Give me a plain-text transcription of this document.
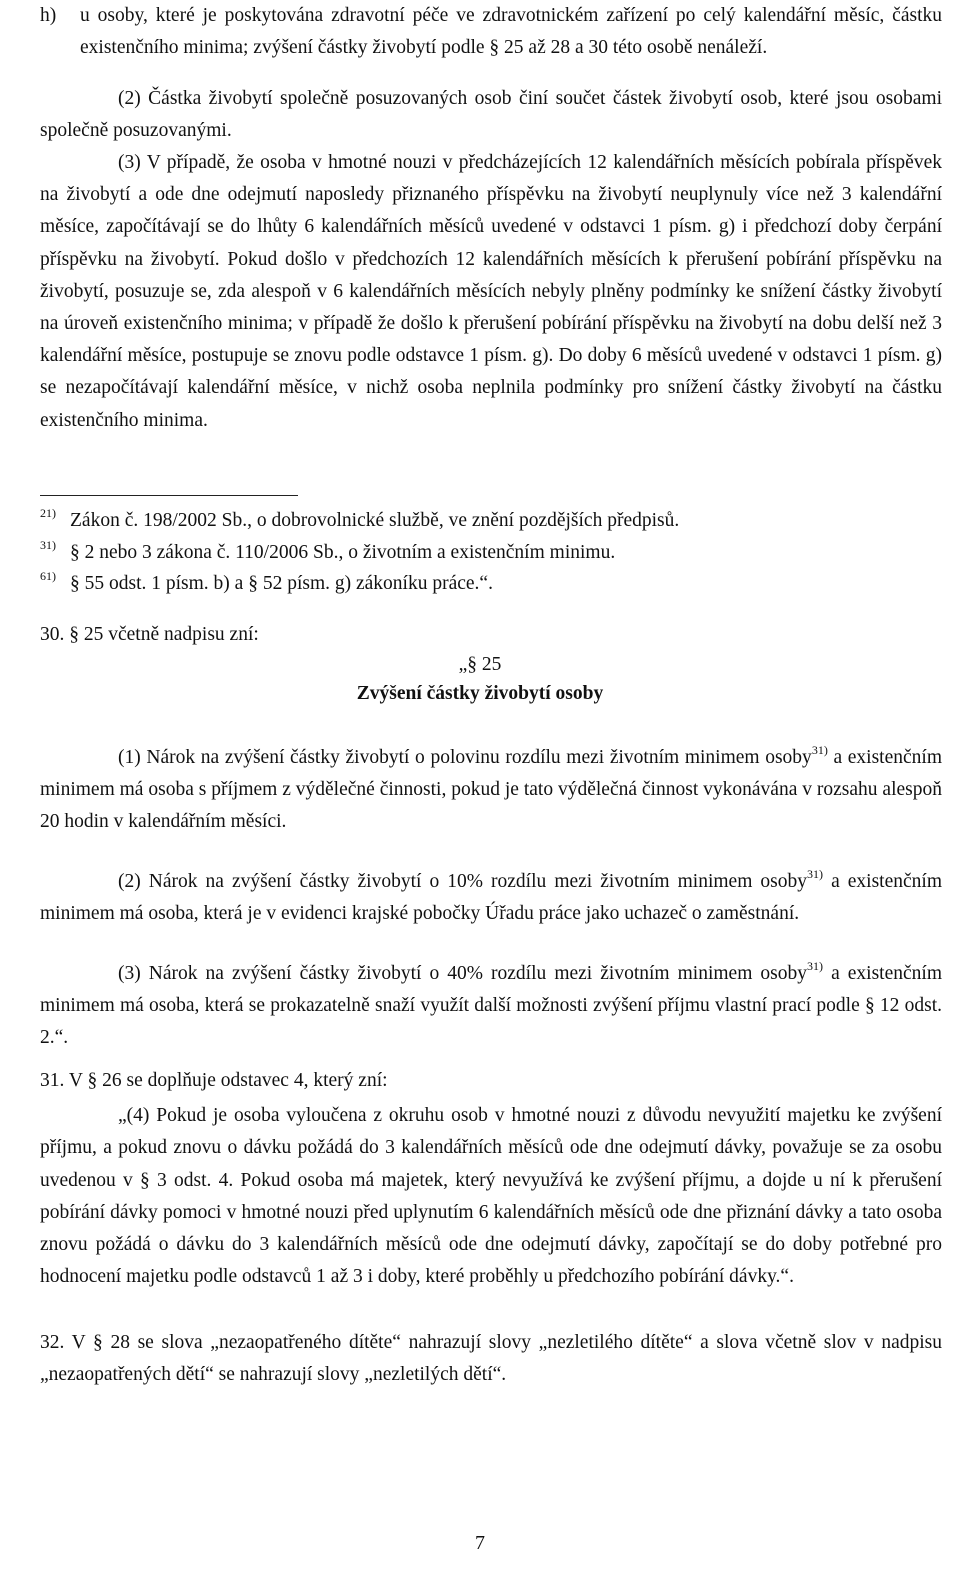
h) u osoby, které je poskytována zdravotní péče ve zdravotnickém zařízení po celý kalendářní měsíc, částku existenčního minima; zvýšení částky živobytí podle § 25 až 28 a 30 této osobě nenáleží.
(2) Částka živobytí společně posuzovaných osob činí součet částek živobytí osob, které jsou osobami společně posuzovanými.
(3) V případě, že osoba v hmotné nouzi v předcházejících 12 kalendářních měsících pobírala příspěvek na živobytí a ode dne odejmutí naposledy přiznaného příspěvku na živobytí neuplynuly více než 3 kalendářní měsíce, započítávají se do lhůty 6 kalendářních měsíců uvedené v odstavci 1 písm. g) i předchozí doby čerpání příspěvku na živobytí. Pokud došlo v předchozích 12 kalendářních měsících k přerušení pobírání příspěvku na živobytí, posuzuje se, zda alespoň v 6 kalendářních měsících nebyly plněny podmínky ke snížení částky živobytí na úroveň existenčního minima; v případě že došlo k přerušení pobírání příspěvku na živobytí na dobu delší než 3 kalendářní měsíce, postupuje se znovu podle odstavce 1 písm. g). Do doby 6 měsíců uvedené v odstavci 1 písm. g) se nezapočítávají kalendářní měsíce, v nichž osoba neplnila podmínky pro snížení částky živobytí na částku existenčního minima.
$^{21)}$ Zákon č. 198/2002 Sb., o dobrovolnické službě, ve znění pozdějších předpisů.
$^{31)}$ § 2 nebo 3 zákona č. 110/2006 Sb., o životním a existenčním minimu.
$^{61)}$ § 55 odst. 1 písm. b) a § 52 písm. g) zákoníku práce.“.
30. § 25 včetně nadpisu zní:
„§ 25
Zvýšení částky živobytí osoby
(1) Nárok na zvýšení částky živobytí o polovinu rozdílu mezi životním minimem osoby$^{31)}$ a existenčním minimem má osoba s příjmem z výdělečné činnosti, pokud je tato výdělečná činnost vykonávána v rozsahu alespoň 20 hodin v kalendářním měsíci.
(2) Nárok na zvýšení částky živobytí o 10% rozdílu mezi životním minimem osoby$^{31)}$ a existenčním minimem má osoba, která je v evidenci krajské pobočky Úřadu práce jako uchazeč o zaměstnání.
(3) Nárok na zvýšení částky živobytí o 40% rozdílu mezi životním minimem osoby$^{31)}$ a existenčním minimem má osoba, která se prokazatelně snaží využít další možnosti zvýšení příjmu vlastní prací podle § 12 odst. 2.“.
31. V § 26 se doplňuje odstavec 4, který zní:
„(4) Pokud je osoba vyloučena z okruhu osob v hmotné nouzi z důvodu nevyužití majetku ke zvýšení příjmu, a pokud znovu o dávku požádá do 3 kalendářních měsíců ode dne odejmutí dávky, považuje se za osobu uvedenou v § 3 odst. 4. Pokud osoba má majetek, který nevyužívá ke zvýšení příjmu, a dojde u ní k přerušení pobírání dávky pomoci v hmotné nouzi před uplynutím 6 kalendářních měsíců ode dne přiznání dávky a tato osoba znovu požádá o dávku do 3 kalendářních měsíců ode dne odejmutí dávky, započítají se do doby potřebné pro hodnocení majetku podle odstavců 1 až 3 i doby, které proběhly u předchozího pobírání dávky.“.
32. V § 28 se slova „nezaopatřeného dítěte“ nahrazují slovy „nezletilého dítěte“ a slova včetně slov v nadpisu „nezaopatřených dětí“ se nahrazují slovy „nezletilých dětí“.
7
